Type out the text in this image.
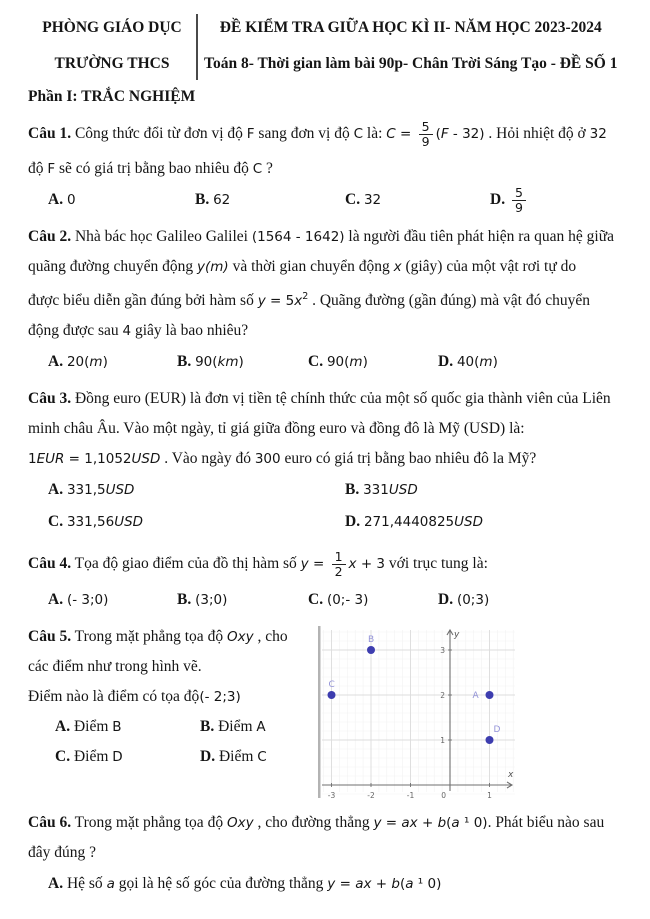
PHÒNG GIÁO DỤC
TRƯỜNG THCS
ĐỀ KIỂM TRA GIỮA HỌC KÌ II- NĂM HỌC 2023-2024
Toán 8- Thời gian làm bài 90p- Chân Trời Sáng Tạo - ĐỀ SỐ 1
Phần I: TRẮC NGHIỆM

Câu 1. Công thức đổi từ đơn vị độ F sang đơn vị độ C là: $C = \frac{5}{9} (F - 32)$ . Hỏi nhiệt độ ở 32

độ F sẽ có giá trị bằng bao nhiêu độ C ?

A. 0	B. 62	C. 32	D. $\frac{5}{9}$

Câu 2. Nhà bác học Galileo Galilei (1564 - 1642) là người đầu tiên phát hiện ra quan hệ giữa

quãng đường chuyển động y(m) và thời gian chuyển động x (giây) của một vật rơi tự do

được biểu diễn gần đúng bởi hàm số $y = 5x^2$ . Quãng đường (gần đúng) mà vật đó chuyển

động được sau 4 giây là bao nhiêu?

A. 20(m)	B. 90(km)	C. 90(m)	D. 40(m)

Câu 3. Đồng euro (EUR) là đơn vị tiền tệ chính thức của một số quốc gia thành viên của Liên

minh châu Âu. Vào một ngày, tỉ giá giữa đồng euro và đồng đô là Mỹ (USD) là:

1EUR = 1,1052USD . Vào ngày đó 300 euro có giá trị bằng bao nhiêu đô la Mỹ?

A. 331,5USD	B. 331USD
C. 331,56USD	D. 271,4440825USD

Câu 4. Tọa độ giao điểm của đồ thị hàm số $y = \frac{1}{2}$ x + 3 với trục tung là:

A. (- 3;0)	B. (3;0)	C. (0;- 3)	D. (0;3)

Câu 5. Trong mặt phẳng tọa độ Oxy , cho

các điểm như trong hình vẽ.

Điểm nào là điểm có tọa độ(- 2;3)

A. Điểm B	B. Điểm A
C. Điểm D	D. Điểm C
-3	-2	-1	0	1
1
2
3
x
y
A
B
C
D

Câu 6. Trong mặt phẳng tọa độ Oxy , cho đường thẳng y = ax + b(a ¹ 0). Phát biểu nào sau

đây đúng ?

A. Hệ số a gọi là hệ số góc của đường thẳng y = ax + b(a ¹ 0)
